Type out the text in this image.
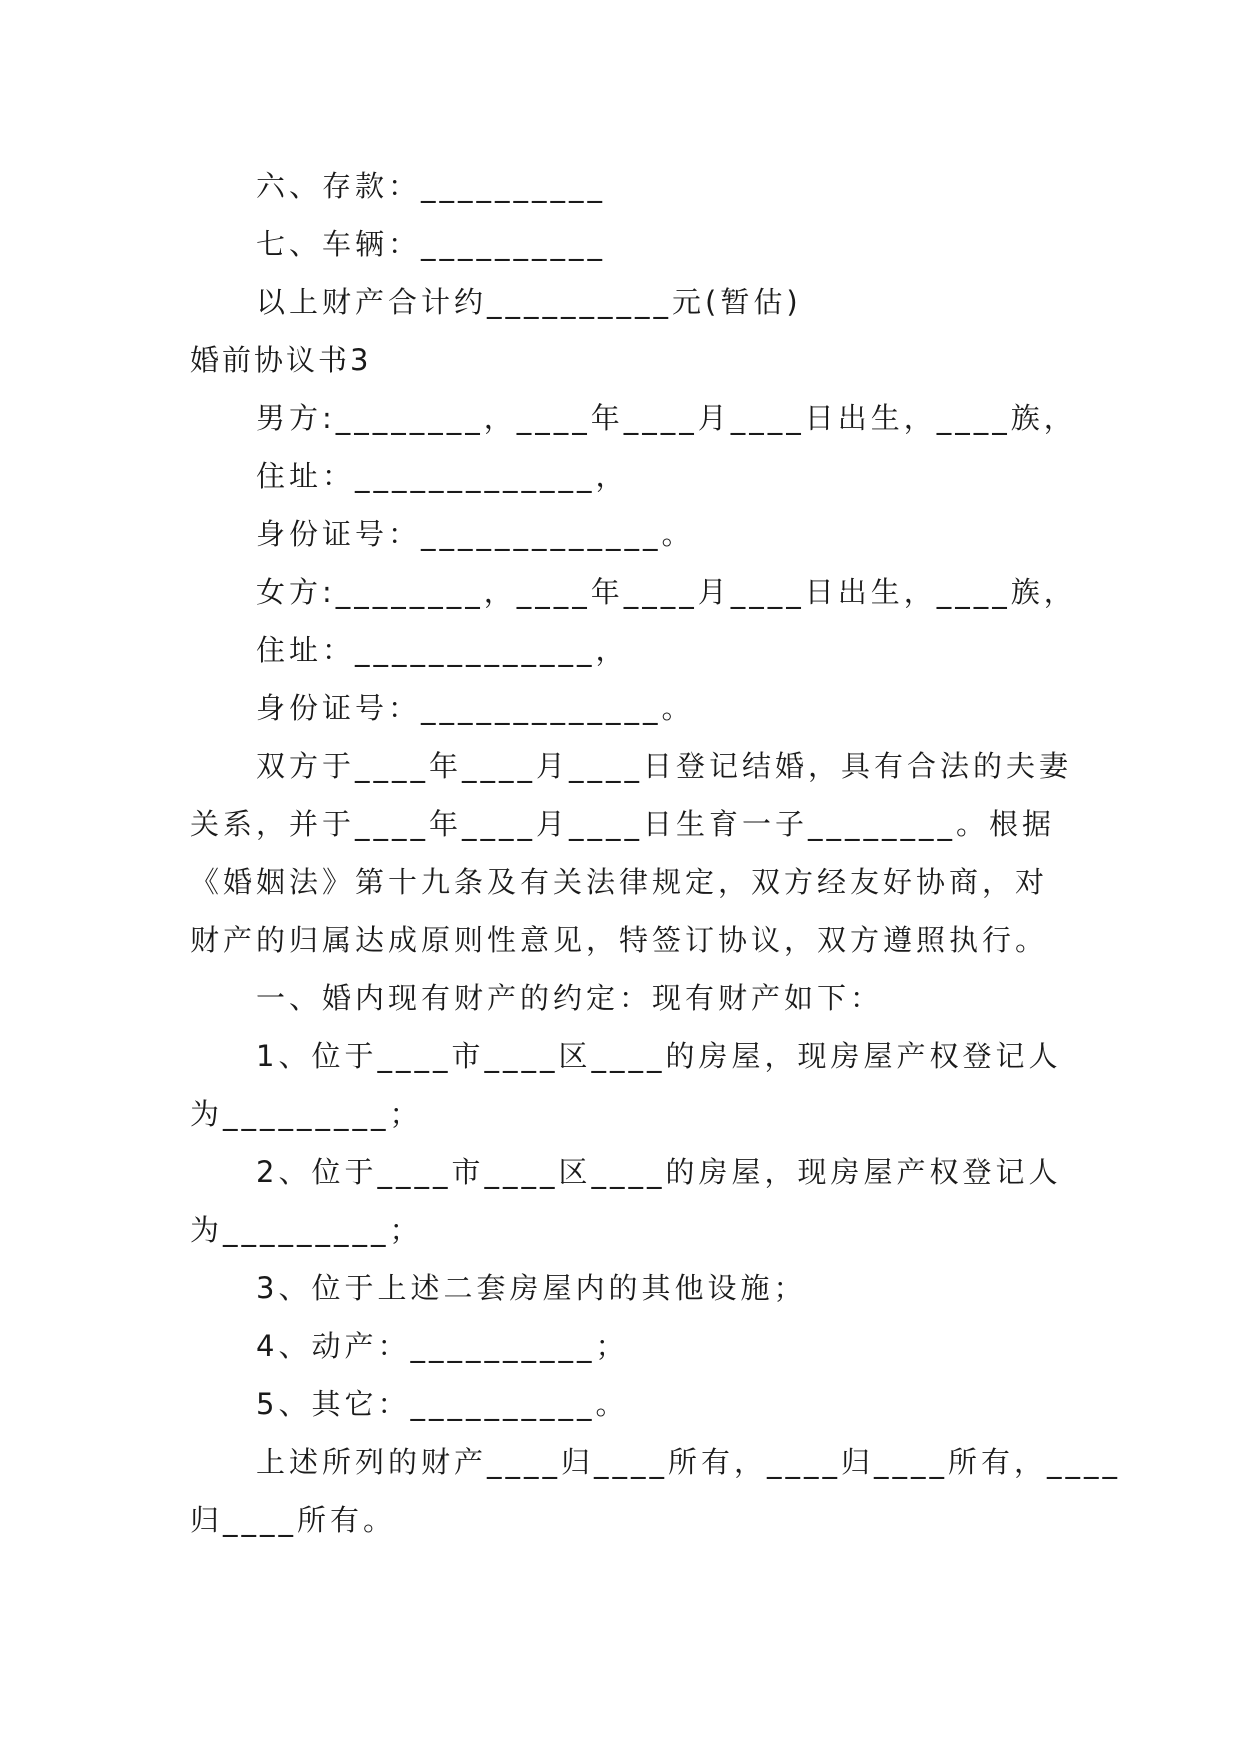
六、存款：__________
七、车辆：__________
以上财产合计约__________元(暂估)
婚前协议书3
男方:________，____年____月____日出生，____族，
住址：_____________，
身份证号：_____________。
女方:________，____年____月____日出生，____族，
住址：_____________，
身份证号：_____________。
双方于____年____月____日登记结婚，具有合法的夫妻
关系，并于____年____月____日生育一子________。根据
《婚姻法》第十九条及有关法律规定，双方经友好协商，对
财产的归属达成原则性意见，特签订协议，双方遵照执行。
一、婚内现有财产的约定：现有财产如下：
1、位于____市____区____的房屋，现房屋产权登记人
为_________；
2、位于____市____区____的房屋，现房屋产权登记人
为_________；
3、位于上述二套房屋内的其他设施；
4、动产：__________；
5、其它：__________。
上述所列的财产____归____所有，____归____所有，____
归____所有。
